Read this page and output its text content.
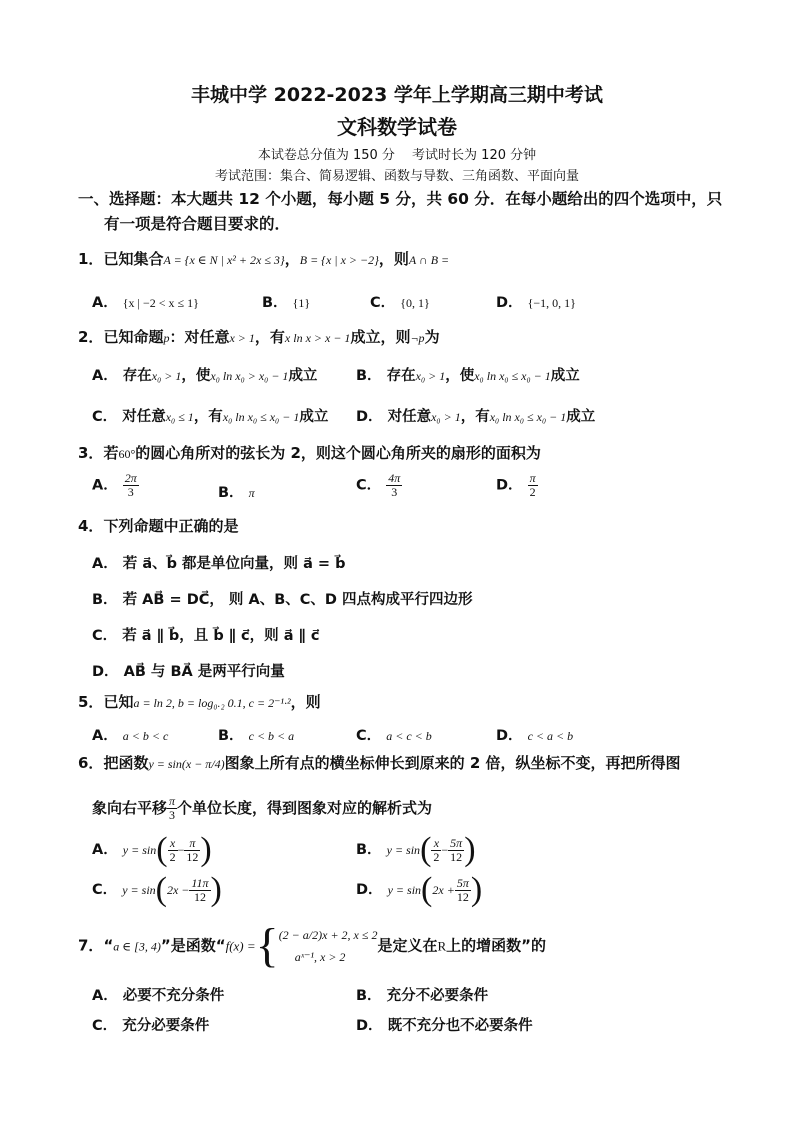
丰城中学 2022-2023 学年上学期高三期中考试
文科数学试卷
本试卷总分值为 150 分　 考试时长为 120 分钟
考试范围：集合、简易逻辑、函数与导数、三角函数、平面向量
一、选择题：本大题共 12 个小题，每小题 5 分，共 60 分．在每小题给出的四个选项中，只
有一项是符合题目要求的．
1．已知集合A = {x ∈ N | x² + 2x ≤ 3}，B = {x | x > −2}，则A ∩ B =
A． {x | −2 < x ≤ 1}	B． {1}	C． {0, 1}	D． {−1, 0, 1}
2．已知命题p：对任意x > 1，有x ln x > x − 1成立，则¬p为
A． 存在x₀ > 1，使x₀ ln x₀ > x₀ − 1成立	B． 存在x₀ > 1，使x₀ ln x₀ ≤ x₀ − 1成立
C． 对任意x₀ ≤ 1，有x₀ ln x₀ ≤ x₀ − 1成立 D． 对任意x₀ > 1，有x₀ ln x₀ ≤ x₀ − 1成立
3．若60°的圆心角所对的弦长为 2，则这个圆心角所夹的扇形的面积为
A． $\frac{2\pi}{3}$	B． π	C． $\frac{4\pi}{3}$	D． $\frac{\pi}{2}$
4．下列命题中正确的是
A． 若 a⃗、b⃗ 都是单位向量，则 a⃗ = b⃗
B． 若 AB⃗ = DC⃗， 则 A、B、C、D 四点构成平行四边形
C． 若 a⃗ ∥ b⃗，且 b⃗ ∥ c⃗，则 a⃗ ∥ c⃗
D． AB⃗ 与 BA⃗ 是两平行向量
5．已知a = ln 2, b = log₀.₂ 0.1, c = 2⁻¹·²，则
A． a < b < c	B． c < b < a	C． a < c < b	D． c < a < b
6．把函数y = sin(x − π/4)图象上所有点的横坐标伸长到原来的 2 倍，纵坐标不变，再把所得图
象向右平移 $\frac{\pi}{3}$ 个单位长度，得到图象对应的解析式为
A． $y = \sin( \frac{x}{2} - \frac{\pi}{12}$ )	B． $y = \sin( \frac{x}{2} - \frac{5\pi}{12}$ )
C． $y = \sin(2x - \frac{11\pi}{12}$ )	D． $y = \sin(2x + \frac{5\pi}{12}$ )
7．“a ∈ [3, 4)”是函数“f(x) ={ (2 − a/2)x + 2, x ≤ 2
aˣ⁻¹, x > 2
是定义在R上的增函数”的
A． 必要不充分条件	B． 充分不必要条件
C． 充分必要条件	D． 既不充分也不必要条件
